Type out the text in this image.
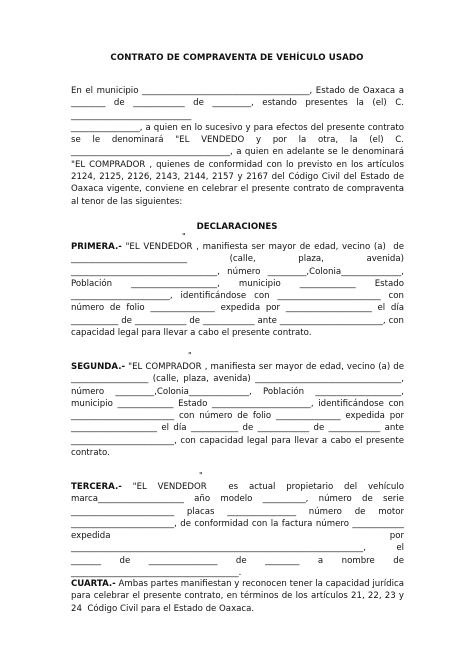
CONTRATO DE COMPRAVENTA DE VEHÍCULO USADO
En el municipio _______________________________________, Estado de Oaxaca a ________ de ____________ de _________, estando presentes la (el) C. ____________________________
________________, a quien en lo sucesivo y para efectos del presente contrato se le denominará "EL VENDEDO y por la otra, la (el) C. _____________________________________, a quien en adelante se le denominará "EL COMPRADOR , quienes de conformidad con lo previsto en los artículos  2124, 2125, 2126, 2143, 2144, 2157 y 2167 del Código Civil del Estado de Oaxaca vigente, conviene en celebrar el presente contrato de compraventa al tenor de las siguientes:
DECLARACIONES
"
PRIMERA.- "EL VENDEDOR , manifiesta ser mayor de edad, vecino (a)  de ___________________________ (calle, plaza, avenida) __________________________________, número _________,Colonia______________, Población ____________________, municipio _____________ Estado _______________________, identificándose con ________________________ con número de folio _______________ expedida por ____________________ el día ___________ de ____________ de ____________ ante ________________________, con capacidad legal para llevar a cabo el presente contrato.
"
SEGUNDA.- "EL COMPRADOR , manifiesta ser mayor de edad, vecino (a) de __________________ (calle, plaza, avenida) __________________________________, número _________,Colonia______________, Población ____________________, municipio _____________ Estado _______________________, identificándose con ________________________ con número de folio _______________ expedida por ____________________ el día ___________ de ____________ de ____________ ante ________________________, con capacidad legal para llevar a cabo el presente contrato.
"
TERCERA.- "EL VENDEDOR  es actual propietario del vehículo marca____________________ año modelo __________, número de serie ________________________ placas ________________ número de motor ________________________, de conformidad con la factura número ____________ expedida por ____________________________________________________________________, el _______ de ________________ de ________ a nombre de _______________________________________.
CUARTA.- Ambas partes manifiestan y reconocen tener la capacidad jurídica para celebrar el presente contrato, en términos de los artículos 21, 22, 23 y 24  Código Civil para el Estado de Oaxaca.
